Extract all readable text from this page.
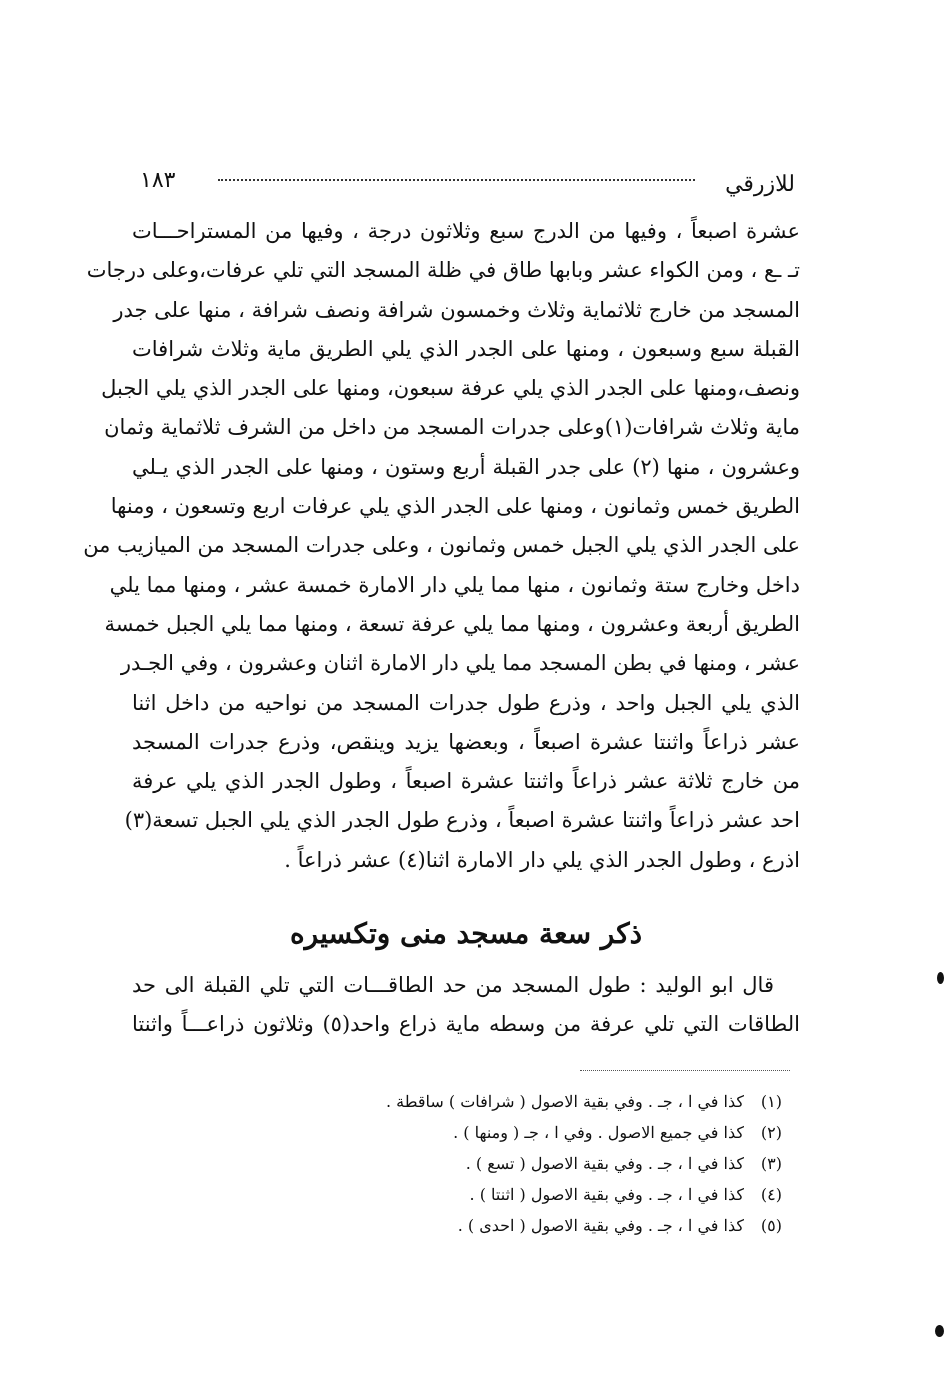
للازرقي
١٨٣
عشرة اصبعاً ، وفيها من الدرج سبع وثلاثون درجة ، وفيها من المستراحـــات
تـ ـع ، ومن الكواء عشر وبابها طاق في ظلة المسجد التي تلي عرفات،وعلى درجات
المسجد من خارج ثلاثماية وثلاث وخمسون شرافة ونصف شرافة ، منها على جدر
القبلة سبع وسبعون ، ومنها على الجدر الذي يلي الطريق ماية وثلاث شرافات
ونصف،ومنها على الجدر الذي يلي عرفة سبعون، ومنها على الجدر الذي يلي الجبل
ماية وثلاث شرافات(١)وعلى جدرات المسجد من داخل من الشرف ثلاثماية وثمان
وعشرون ، منها (٢) على جدر القبلة أربع وستون ، ومنها على الجدر الذي يـلي
الطريق خمس وثمانون ، ومنها على الجدر الذي يلي عرفات اربع وتسعون ، ومنها
على الجدر الذي يلي الجبل خمس وثمانون ، وعلى جدرات المسجد من الميازيب من
داخل وخارج ستة وثمانون ، منها مما يلي دار الامارة خمسة عشر ، ومنها مما يلي
الطريق أربعة وعشرون ، ومنها مما يلي عرفة تسعة ، ومنها مما يلي الجبل خمسة
عشر ، ومنها في بطن المسجد مما يلي دار الامارة اثنان وعشرون ، وفي الجـدر
الذي يلي الجبل واحد ، وذرع طول جدرات المسجد من نواحيه من داخل اثنا
عشر ذراعاً واثنتا عشرة اصبعاً ، وبعضها يزيد وينقص، وذرع جدرات المسجد
من خارج ثلاثة عشر ذراعاً واثنتا عشرة اصبعاً ، وطول الجدر الذي يلي عرفة
احد عشر ذراعاً واثنتا عشرة اصبعاً ، وذرع طول الجدر الذي يلي الجبل تسعة(٣)
اذرع ، وطول الجدر الذي يلي دار الامارة اثنا(٤) عشر ذراعاً .
ذكر سعة مسجد منى وتكسيره
قال ابو الوليد : طول المسجد من حد الطاقـــات التي تلي القبلة الى حد
الطاقات التي تلي عرفة من وسطه ماية ذراع واحد(٥) وثلاثون ذراعـــاً واثنتا
(١)
كذا في ا ، جـ . وفي بقية الاصول ( شرافات ) ساقطة .
(٢)
كذا في جميع الاصول . وفي ا ، جـ ( ومنها ) .
(٣)
كذا في ا ، جـ . وفي بقية الاصول ( تسع ) .
(٤)
كذا في ا ، جـ . وفي بقية الاصول ( اثنتا ) .
(٥)
كذا في ا ، جـ . وفي بقية الاصول ( احدى ) .
